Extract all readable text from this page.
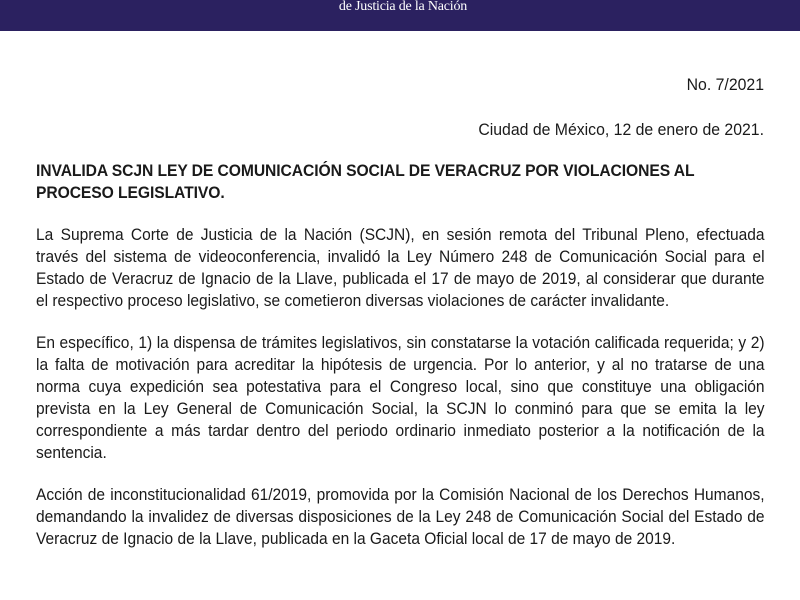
de Justicia de la Nación

No. 7/2021

Ciudad de México, 12 de enero de 2021.

INVALIDA SCJN LEY DE COMUNICACIÓN SOCIAL DE VERACRUZ POR VIOLACIONES AL PROCESO LEGISLATIVO.

La Suprema Corte de Justicia de la Nación (SCJN), en sesión remota del Tribunal Pleno, efectuada través del sistema de videoconferencia, invalidó la Ley Número 248 de Comunicación Social para el Estado de Veracruz de Ignacio de la Llave, publicada el 17 de mayo de 2019, al considerar que durante el respectivo proceso legislativo, se cometieron diversas violaciones de carácter invalidante.

En específico, 1) la dispensa de trámites legislativos, sin constatarse la votación calificada requerida; y 2) la falta de motivación para acreditar la hipótesis de urgencia. Por lo anterior, y al no tratarse de una norma cuya expedición sea potestativa para el Congreso local, sino que constituye una obligación prevista en la Ley General de Comunicación Social, la SCJN lo conminó para que se emita la ley correspondiente a más tardar dentro del periodo ordinario inmediato posterior a la notificación de la sentencia.

Acción de inconstitucionalidad 61/2019, promovida por la Comisión Nacional de los Derechos Humanos, demandando la invalidez de diversas disposiciones de la Ley 248 de Comunicación Social del Estado de Veracruz de Ignacio de la Llave, publicada en la Gaceta Oficial local de 17 de mayo de 2019.
